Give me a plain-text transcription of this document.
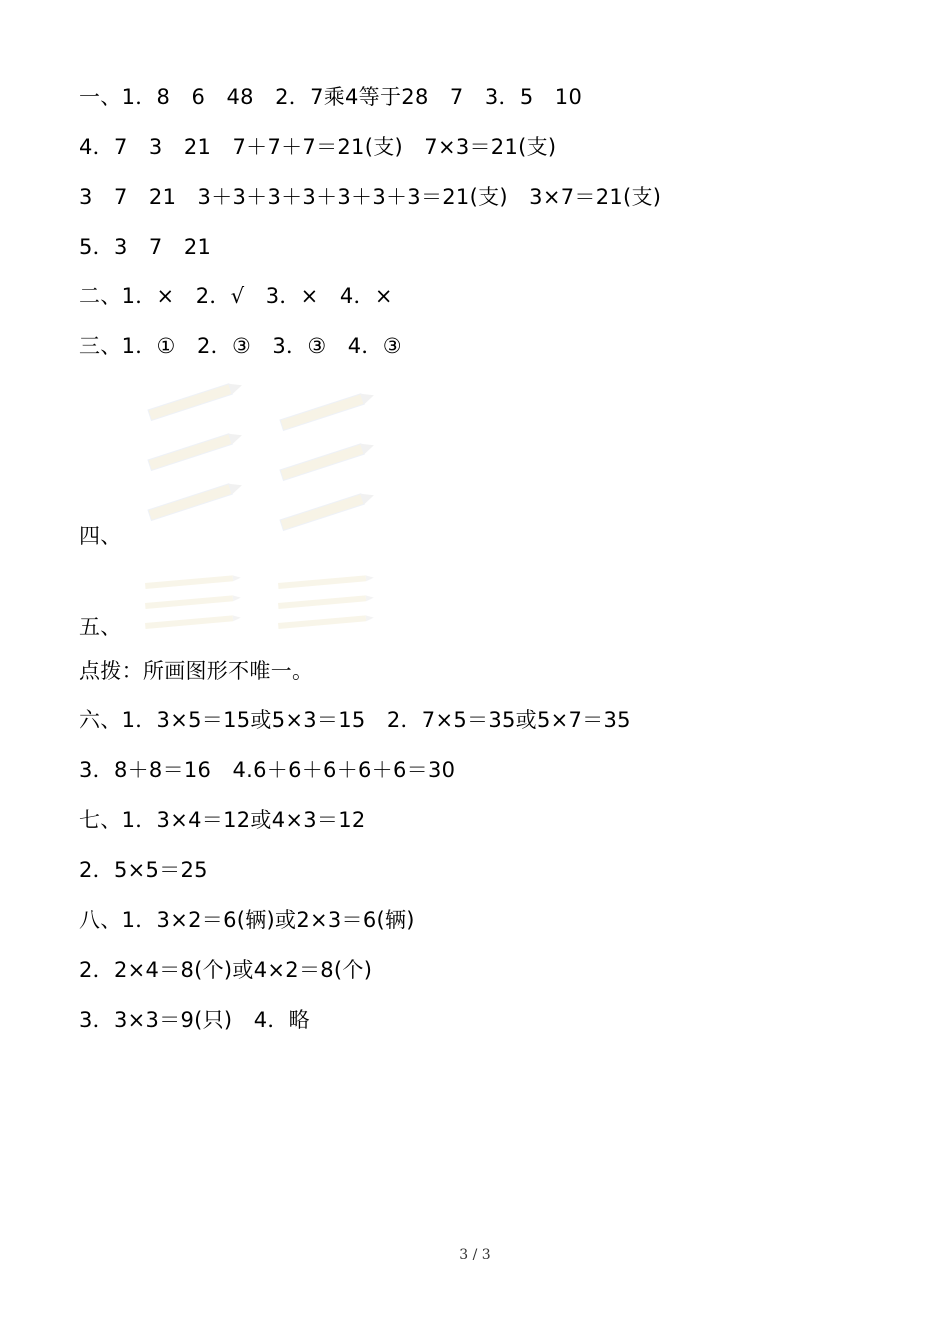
一、1．8　6　48　2．7乘4等于28　7　3．5　10
4．7　3　21　7＋7＋7＝21(支)　7×3＝21(支)
3　7　21　3＋3＋3＋3＋3＋3＋3＝21(支)　3×7＝21(支)
5．3　7　21
二、1．×　2．√　3．×　4．×
三、1．①　2．③　3．③　4．③
四、
五、
点拨：所画图形不唯一。
六、1．3×5＝15或5×3＝15　2．7×5＝35或5×7＝35
3．8＋8＝16　4.6＋6＋6＋6＋6＝30
七、1．3×4＝12或4×3＝12
2．5×5＝25
八、1．3×2＝6(辆)或2×3＝6(辆)
2．2×4＝8(个)或4×2＝8(个)
3．3×3＝9(只)　4．略
3 / 3
